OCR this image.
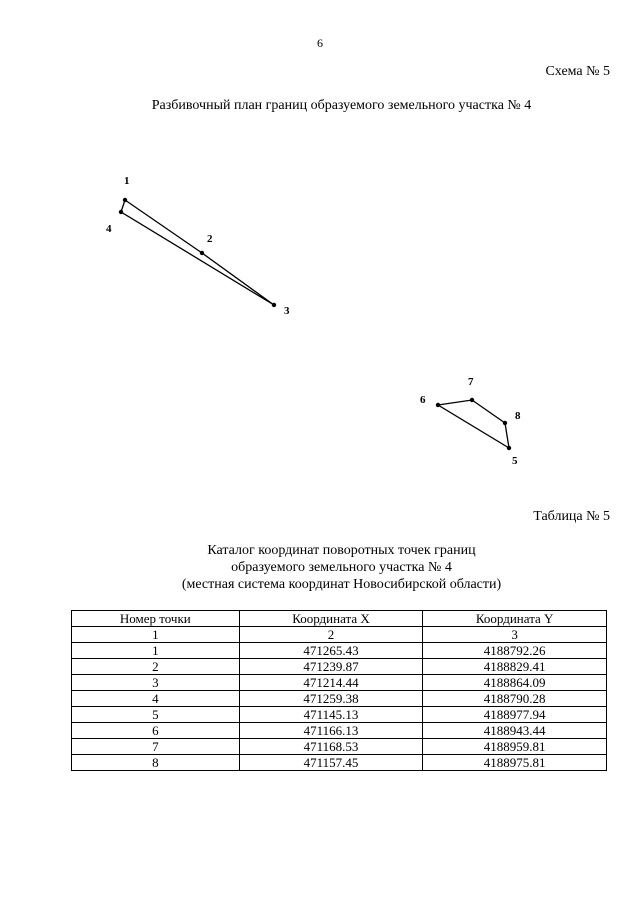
6
Схема № 5
Разбивочный план границ образуемого земельного участка № 4
1
2
3
4
5
6
7
8
Таблица № 5
Каталог координат поворотных точек границ
образуемого земельного участка № 4
(местная система координат Новосибирской области)
Номер точки	Координата X	Координата Y
1	2	3
1	471265.43	4188792.26
2	471239.87	4188829.41
3	471214.44	4188864.09
4	471259.38	4188790.28
5	471145.13	4188977.94
6	471166.13	4188943.44
7	471168.53	4188959.81
8	471157.45	4188975.81
